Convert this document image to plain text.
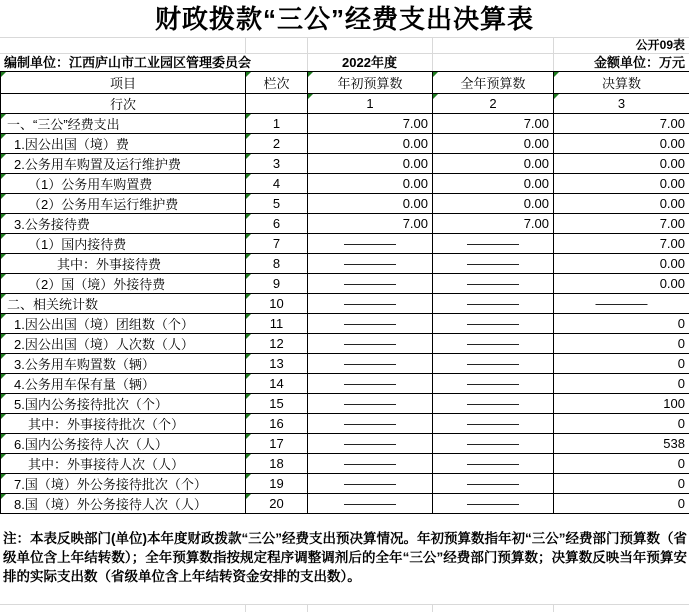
财政拨款“三公”经费支出决算表
公开09表
编制单位：江西庐山市工业园区管理委员会	2022年度	金额单位：万元
项目	栏次	年初预算数	全年预算数	决算数
行次	1	2	3
一、“三公”经费支出	1	7.00	7.00	7.00
1.因公出国（境）费	2	0.00	0.00	0.00
2.公务用车购置及运行维护费	3	0.00	0.00	0.00
（1）公务用车购置费	4	0.00	0.00	0.00
（2）公务用车运行维护费	5	0.00	0.00	0.00
3.公务接待费	6	7.00	7.00	7.00
（1）国内接待费	7	————	————	7.00
其中：外事接待费	8	————	————	0.00
（2）国（境）外接待费	9	————	————	0.00
二、相关统计数	10	————	————	————
1.因公出国（境）团组数（个）	11	————	————	0
2.因公出国（境）人次数（人）	12	————	————	0
3.公务用车购置数（辆）	13	————	————	0
4.公务用车保有量（辆）	14	————	————	0
5.国内公务接待批次（个）	15	————	————	100
其中：外事接待批次（个）	16	————	————	0
6.国内公务接待人次（人）	17	————	————	538
其中：外事接待人次（人）	18	————	————	0
7.国（境）外公务接待批次（个）	19	————	————	0
8.国（境）外公务接待人次（人）	20	————	————	0
注：本表反映部门(单位)本年度财政拨款“三公”经费支出预决算情况。年初预算数指年初“三公”经费部门预算数（省级单位含上年结转数）；全年预算数指按规定程序调整调剂后的全年“三公”经费部门预算数；决算数反映当年预算安排的实际支出数（省级单位含上年结转资金安排的支出数）。
